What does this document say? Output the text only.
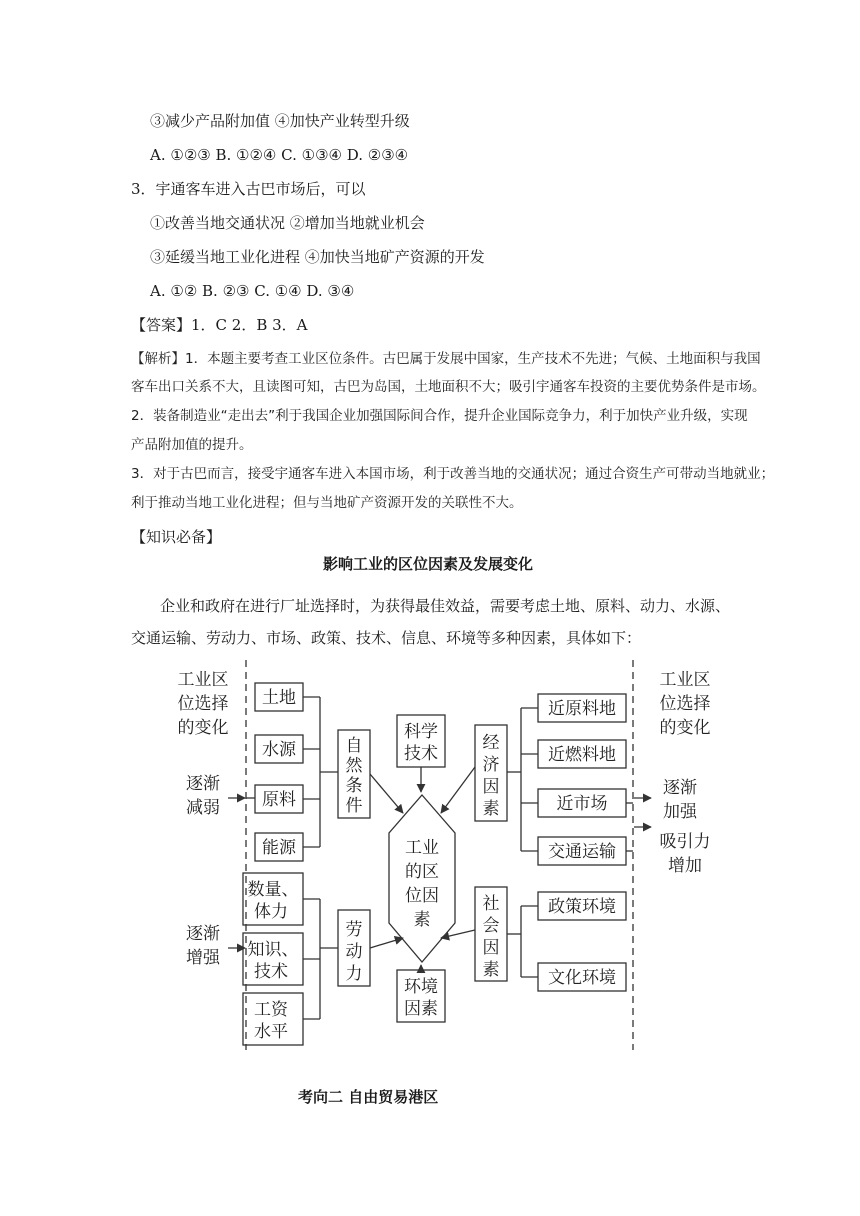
③减少产品附加值 ④加快产业转型升级
A. ①②③ B. ①②④ C. ①③④ D. ②③④
3．宇通客车进入古巴市场后，可以
①改善当地交通状况 ②增加当地就业机会
③延缓当地工业化进程 ④加快当地矿产资源的开发
A. ①② B. ②③ C. ①④ D. ③④
【答案】1．C 2．B 3．A
【解析】1．本题主要考查工业区位条件。古巴属于发展中国家，生产技术不先进；气候、土地面积与我国
客车出口关系不大，且读图可知，古巴为岛国，土地面积不大；吸引宇通客车投资的主要优势条件是市场。
2．装备制造业“走出去”利于我国企业加强国际间合作，提升企业国际竞争力，利于加快产业升级，实现
产品附加值的提升。
3．对于古巴而言，接受宇通客车进入本国市场，利于改善当地的交通状况；通过合资生产可带动当地就业；
利于推动当地工业化进程；但与当地矿产资源开发的关联性不大。
【知识必备】
影响工业的区位因素及发展变化
企业和政府在进行厂址选择时，为获得最佳效益，需要考虑土地、原料、动力、水源、
交通运输、劳动力、市场、政策、技术、信息、环境等多种因素，具体如下：
工业区
位选择
的变化
工业区
位选择
的变化
逐渐
减弱
逐渐
增强
逐渐
加强
吸引力
增加
土地
水源
原料
能源
自
然
条
件
数量、
体力
知识、
技术
工资
水平
劳
动
力
科学
技术
环境
因素
工业
的区
位因
素
经
济
因
素
近原料地
近燃料地
近市场
交通运输
社
会
因
素
政策环境
文化环境
考向二 自由贸易港区
